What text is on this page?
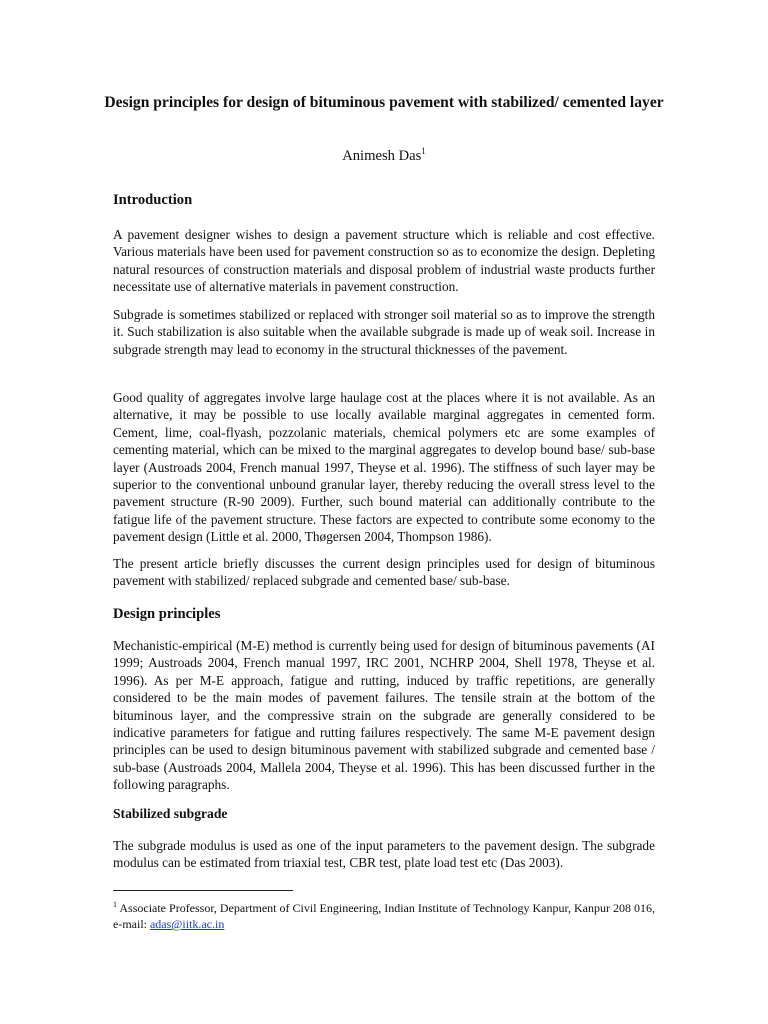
Design principles for design of bituminous pavement with stabilized/ cemented layer
Animesh Das$^1$
Introduction
A pavement designer wishes to design a pavement structure which is reliable and cost effective. Various materials have been used for pavement construction so as to economize the design. Depleting natural resources of construction materials and disposal problem of industrial waste products further necessitate use of alternative materials in pavement construction.
Subgrade is sometimes stabilized or replaced with stronger soil material so as to improve the strength it. Such stabilization is also suitable when the available subgrade is made up of weak soil. Increase in subgrade strength may lead to economy in the structural thicknesses of the pavement.
Good quality of aggregates involve large haulage cost at the places where it is not available. As an alternative, it may be possible to use locally available marginal aggregates in cemented form. Cement, lime, coal-flyash, pozzolanic materials, chemical polymers etc are some examples of cementing material, which can be mixed to the marginal aggregates to develop bound base/ sub-base layer (Austroads 2004, French manual 1997, Theyse et al. 1996). The stiffness of such layer may be superior to the conventional unbound granular layer, thereby reducing the overall stress level to the pavement structure (R-90 2009). Further, such bound material can additionally contribute to the fatigue life of the pavement structure. These factors are expected to contribute some economy to the pavement design (Little et al. 2000, Thøgersen 2004, Thompson 1986).
The present article briefly discusses the current design principles used for design of bituminous pavement with stabilized/ replaced subgrade and cemented base/ sub-base.
Design principles
Mechanistic-empirical (M-E) method is currently being used for design of bituminous pavements (AI 1999; Austroads 2004, French manual 1997, IRC 2001, NCHRP 2004, Shell 1978, Theyse et al. 1996). As per M-E approach, fatigue and rutting, induced by traffic repetitions, are generally considered to be the main modes of pavement failures. The tensile strain at the bottom of the bituminous layer, and the compressive strain on the subgrade are generally considered to be indicative parameters for fatigue and rutting failures respectively. The same M-E pavement design principles can be used to design bituminous pavement with stabilized subgrade and cemented base / sub-base (Austroads 2004, Mallela 2004, Theyse et al. 1996). This has been discussed further in the following paragraphs.
Stabilized subgrade
The subgrade modulus is used as one of the input parameters to the pavement design. The subgrade modulus can be estimated from triaxial test, CBR test, plate load test etc (Das 2003).
$^1$ Associate Professor, Department of Civil Engineering, Indian Institute of Technology Kanpur, Kanpur 208 016, e-mail: adas@iitk.ac.in
